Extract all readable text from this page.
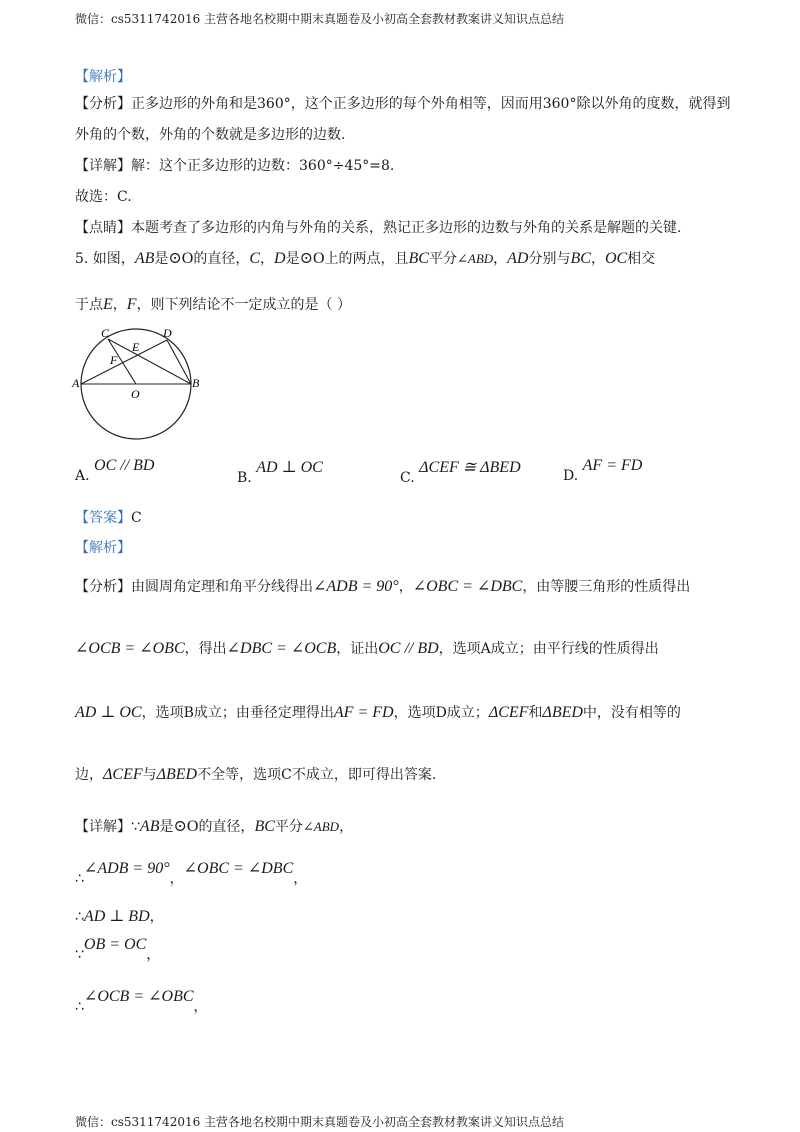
微信：cs5311742016 主营各地名校期中期末真题卷及小初高全套教材教案讲义知识点总结
【解析】
【分析】正多边形的外角和是360°，这个正多边形的每个外角相等，因而用360°除以外角的度数，就得到
外角的个数，外角的个数就是多边形的边数.
【详解】解：这个正多边形的边数：360°÷45°=8.
故选：C.
【点睛】本题考查了多边形的内角与外角的关系，熟记正多边形的边数与外角的关系是解题的关键.
5. 如图，AB是⊙O的直径，C，D是⊙O上的两点，且BC平分∠ABD，AD分别与BC，OC相交
于点E，F，则下列结论不一定成立的是（ ）
C	D
E
F
A	B
O
A. OC // BD
B. AD ⊥ OC
C. ΔCEF ≅ ΔBED	D. AF = FD
【答案】C
【解析】
【分析】由圆周角定理和角平分线得出∠ADB = 90°，∠OBC = ∠DBC，由等腰三角形的性质得出
∠OCB = ∠OBC，得出∠DBC = ∠OCB，证出OC // BD，选项A成立；由平行线的性质得出
AD ⊥ OC，选项B成立；由垂径定理得出AF = FD，选项D成立；ΔCEF和ΔBED中，没有相等的
边，ΔCEF与ΔBED不全等，选项C不成立，即可得出答案.
【详解】∵AB是⊙O的直径，BC平分∠ABD，
∴∠ADB = 90°，∠OBC = ∠DBC，
∴AD ⊥ BD，
∵OB = OC，
∴∠OCB = ∠OBC，
微信：cs5311742016 主营各地名校期中期末真题卷及小初高全套教材教案讲义知识点总结
